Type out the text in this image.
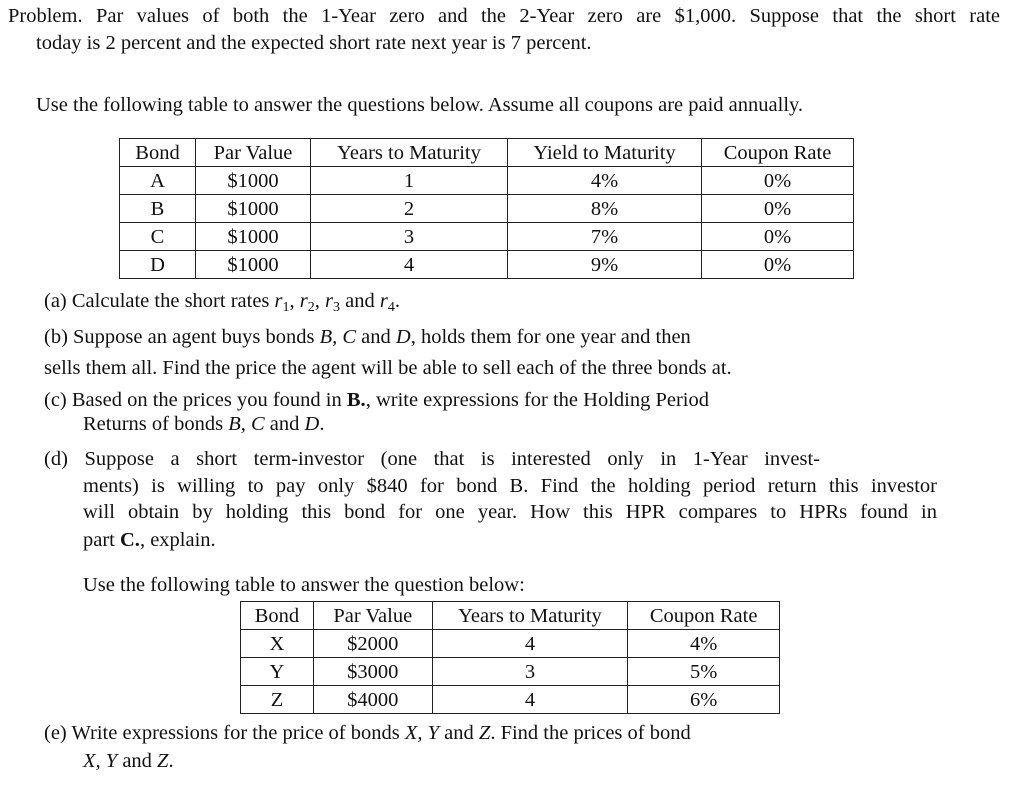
Problem. Par values of both the 1-Year zero and the 2-Year zero are $1,000. Suppose that the short rate
today is 2 percent and the expected short rate next year is 7 percent.
Use the following table to answer the questions below. Assume all coupons are paid annually.
Bond	Par Value	Years to Maturity	Yield to Maturity	Coupon Rate
A	$1000	1	4%	0%
B	$1000	2	8%	0%
C	$1000	3	7%	0%
D	$1000	4	9%	0%
(a) Calculate the short rates $r_1$, $r_2$, $r_3$ and $r_4$.
(b) Suppose an agent buys bonds B, C and D, holds them for one year and then
sells them all. Find the price the agent will be able to sell each of the three bonds at.
(c) Based on the prices you found in B., write expressions for the Holding Period
Returns of bonds B, C and D.
(d) Suppose a short term-investor (one that is interested only in 1-Year invest-
ments) is willing to pay only $840 for bond B. Find the holding period return this investor
will obtain by holding this bond for one year. How this HPR compares to HPRs found in
part C., explain.
Use the following table to answer the question below:
Bond	Par Value	Years to Maturity	Coupon Rate
X	$2000	4	4%
Y	$3000	3	5%
Z	$4000	4	6%
(e) Write expressions for the price of bonds X, Y and Z. Find the prices of bond
X, Y and Z.
